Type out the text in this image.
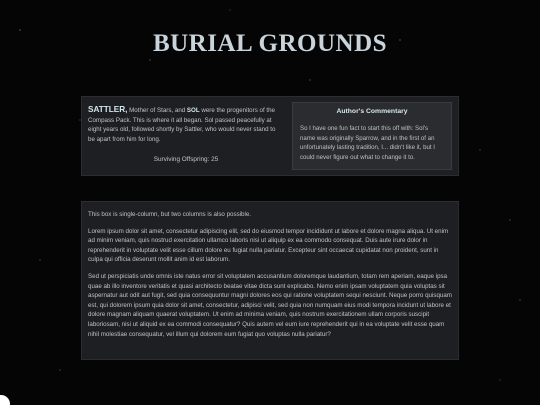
BURIAL GROUNDS
SATTLER, Mother of Stars, and SOL were the progenitors of the Compass Pack. This is where it all began. Sol passed peacefully at eight years old, followed shortly by Sattler, who would never stand to be apart from him for long.
Surviving Offspring: 25
Author's Commentary
So I have one fun fact to start this off with: Sol's name was originally Sparrow, and in the first of an unfortunately lasting tradition, I... didn't like it, but I could never figure out what to change it to.

This box is single-column, but two columns is also possible.

Lorem ipsum dolor sit amet, consectetur adipiscing elit, sed do eiusmod tempor incididunt ut labore et dolore magna aliqua. Ut enim ad minim veniam, quis nostrud exercitation ullamco laboris nisi ut aliquip ex ea commodo consequat. Duis aute irure dolor in reprehenderit in voluptate velit esse cillum dolore eu fugiat nulla pariatur. Excepteur sint occaecat cupidatat non proident, sunt in culpa qui officia deserunt mollit anim id est laborum.

Sed ut perspiciatis unde omnis iste natus error sit voluptatem accusantium doloremque laudantium, totam rem aperiam, eaque ipsa quae ab illo inventore veritatis et quasi architecto beatae vitae dicta sunt explicabo. Nemo enim ipsam voluptatem quia voluptas sit aspernatur aut odit aut fugit, sed quia consequuntur magni dolores eos qui ratione voluptatem sequi nesciunt. Neque porro quisquam est, qui dolorem ipsum quia dolor sit amet, consectetur, adipisci velit, sed quia non numquam eius modi tempora incidunt ut labore et dolore magnam aliquam quaerat voluptatem. Ut enim ad minima veniam, quis nostrum exercitationem ullam corporis suscipit laboriosam, nisi ut aliquid ex ea commodi consequatur? Quis autem vel eum iure reprehenderit qui in ea voluptate velit esse quam nihil molestiae consequatur, vel illum qui dolorem eum fugiat quo voluptas nulla pariatur?
